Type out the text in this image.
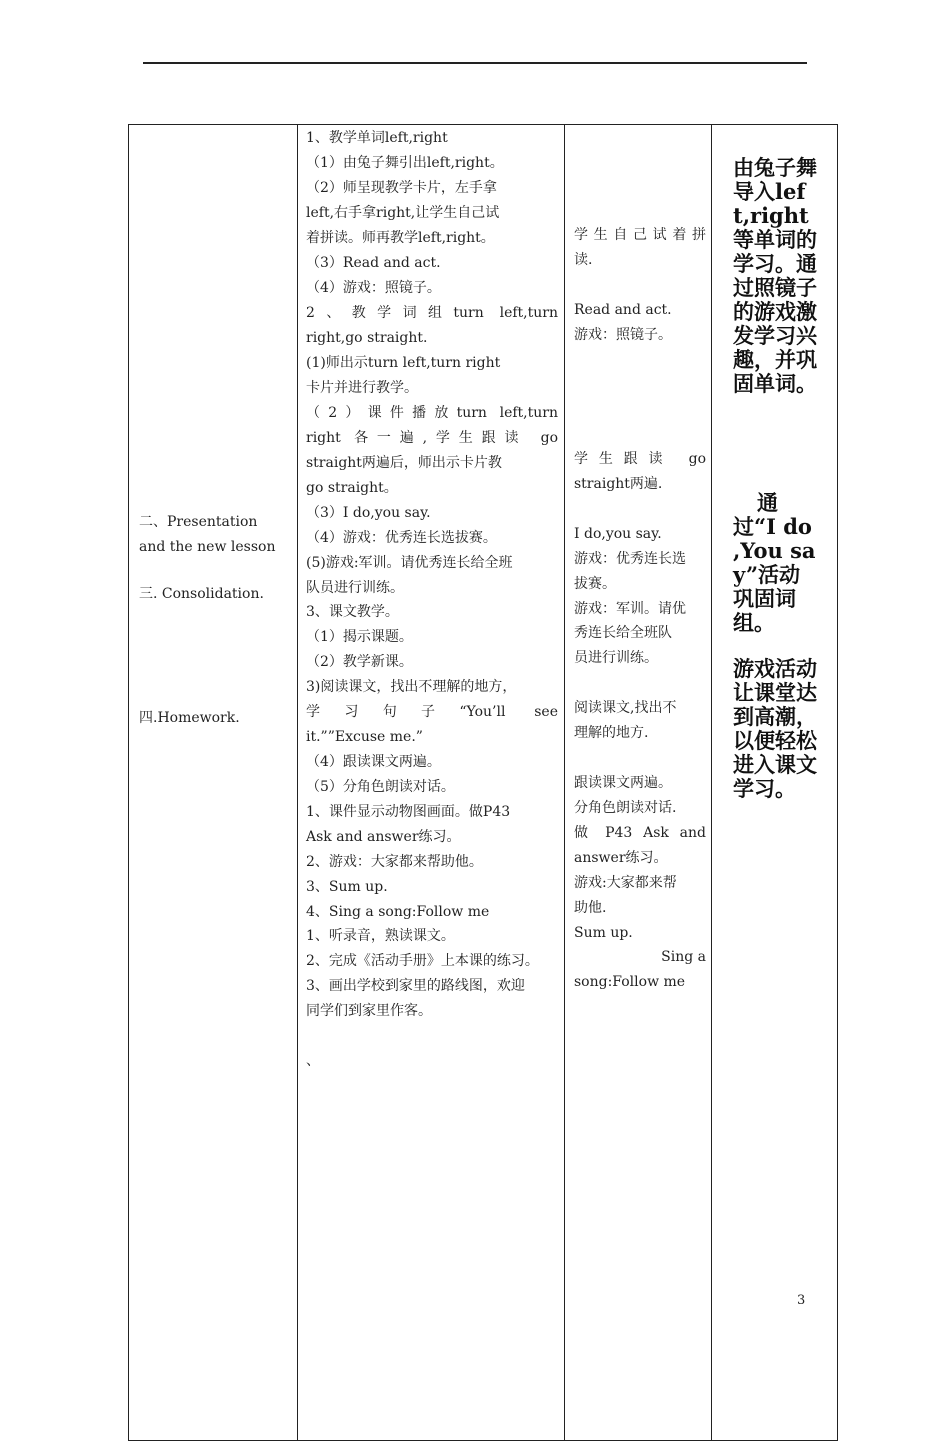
二、Presentation
and the new lesson
三. Consolidation.
四.Homework.
1、教学单词left,right
（1）由兔子舞引出left,right。
（2）师呈现教学卡片，左手拿
left,右手拿right,让学生自己试
着拼读。师再教学left,right。
（3）Read and act.
（4）游戏：照镜子。
2、教学词组turn left,turn
right,go straight.
(1)师出示turn left,turn right
卡片并进行教学。
（2）课件播放turn left,turn
right 各一遍,学生跟读 go
straight两遍后，师出示卡片教
go straight。
（3）I do,you say.
（4）游戏：优秀连长选拔赛。
(5)游戏:军训。请优秀连长给全班
队员进行训练。
3、课文教学。
（1）揭示课题。
（2）教学新课。
3)阅读课文，找出不理解的地方，
学习句子“You’ll see
it.””Excuse me.”
（4）跟读课文两遍。
（5）分角色朗读对话。
1、课件显示动物图画面。做P43
Ask and answer练习。
2、游戏：大家都来帮助他。
3、Sum up.
4、Sing a song:Follow me
1、听录音，熟读课文。
2、完成《活动手册》上本课的练习。
3、画出学校到家里的路线图，欢迎
同学们到家里作客。
、
学生自己试着拼
读.
Read and act.
游戏：照镜子。
学生跟读 go
straight两遍.
I do,you say.
游戏：优秀连长选
拔赛。
游戏：军训。请优
秀连长给全班队
员进行训练。
阅读课文,找出不
理解的地方.
跟读课文两遍。
分角色朗读对话.
做 P43 Ask and
answer练习。
游戏:大家都来帮
助他.
Sum up.
Sing a
song:Follow me
由兔子舞导入left,right等单词的学习。通过照镜子的游戏激发学习兴趣，并巩固单词。
通过“I do ,You say”活动巩固词组。
游戏活动让课堂达到高潮，以便轻松进入课文学习。
3
